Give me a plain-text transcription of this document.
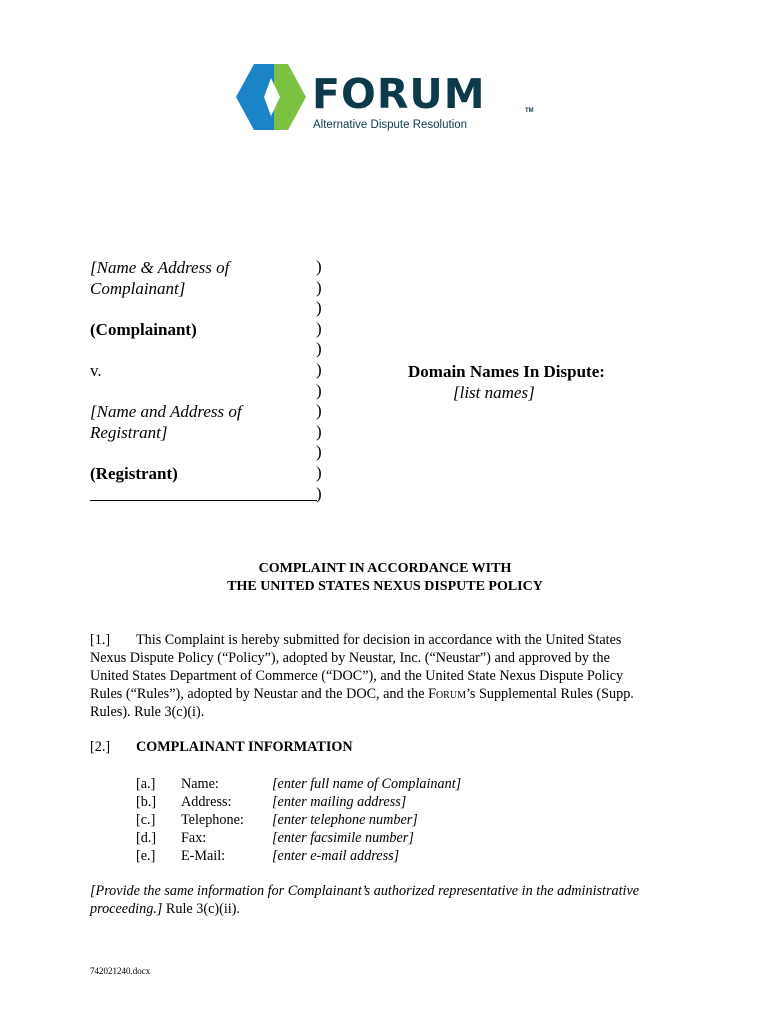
FORUM	TM
Alternative Dispute Resolution
[Name & Address of
Complainant]
(Complainant)
v.
[Name and Address of
Registrant]
(Registrant)
)
)
)
)
)
)
)
)
)
)
)
)
Domain Names In Dispute:
[list names]
COMPLAINT IN ACCORDANCE WITH
THE UNITED STATES NEXUS DISPUTE POLICY
[1.] This Complaint is hereby submitted for decision in accordance with the United States
Nexus Dispute Policy (“Policy”), adopted by Neustar, Inc. (“Neustar”) and approved by the
United States Department of Commerce (“DOC”), and the United State Nexus Dispute Policy
Rules (“Rules”), adopted by Neustar and the DOC, and the Forum’s Supplemental Rules (Supp.
Rules). Rule 3(c)(i).
[2.] COMPLAINANT INFORMATION
[a.] Name:	[enter full name of Complainant]
[b.] Address:	[enter mailing address]
[c.] Telephone: [enter telephone number]
[d.] Fax:	[enter facsimile number]
[e.] E-Mail:	[enter e-mail address]
[Provide the same information for Complainant’s authorized representative in the administrative
proceeding.] Rule 3(c)(ii).
742021240.docx
